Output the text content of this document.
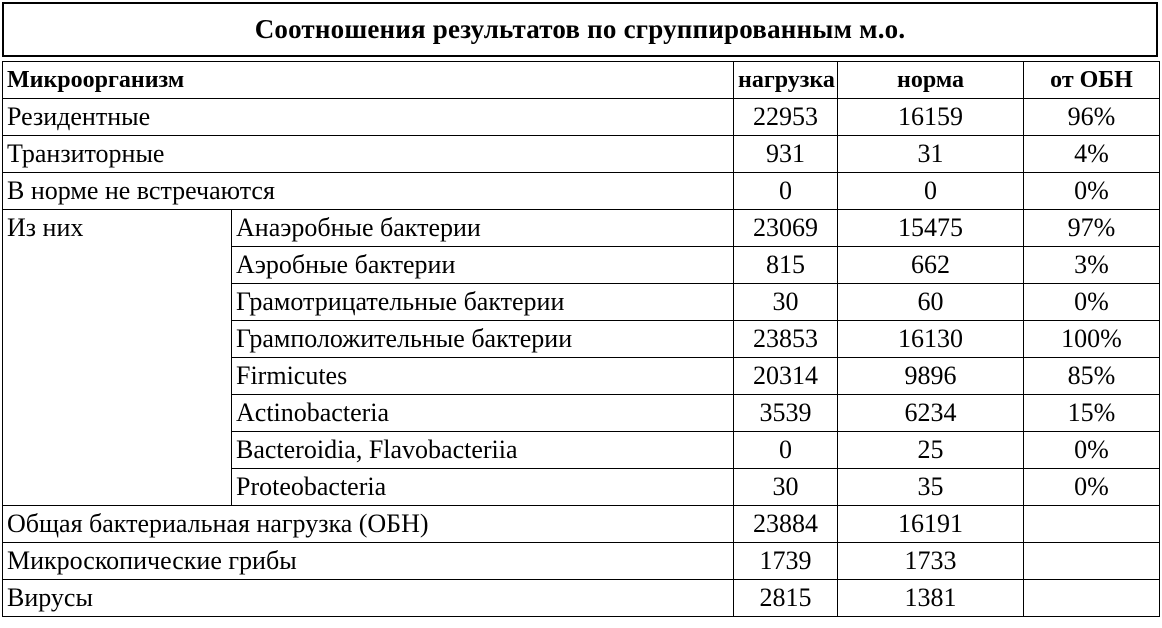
Соотношения результатов по сгруппированным м.о.
Микроорганизм		нагрузка	норма	от ОБН
Резидентные		22953	16159	96%
Транзиторные		931	31	4%
В норме не встречаются		0	0	0%
Из них	Анаэробные бактерии	23069	15475	97%
	Аэробные бактерии	815	662	3%
	Грамотрицательные бактерии	30	60	0%
	Грамположительные бактерии	23853	16130	100%
	Firmicutes	20314	9896	85%
	Actinobacteria	3539	6234	15%
	Bacteroidia, Flavobacteriia	0	25	0%
	Proteobacteria	30	35	0%
Общая бактериальная нагрузка (ОБН)		23884	16191	
Микроскопические грибы		1739	1733	
Вирусы		2815	1381	
